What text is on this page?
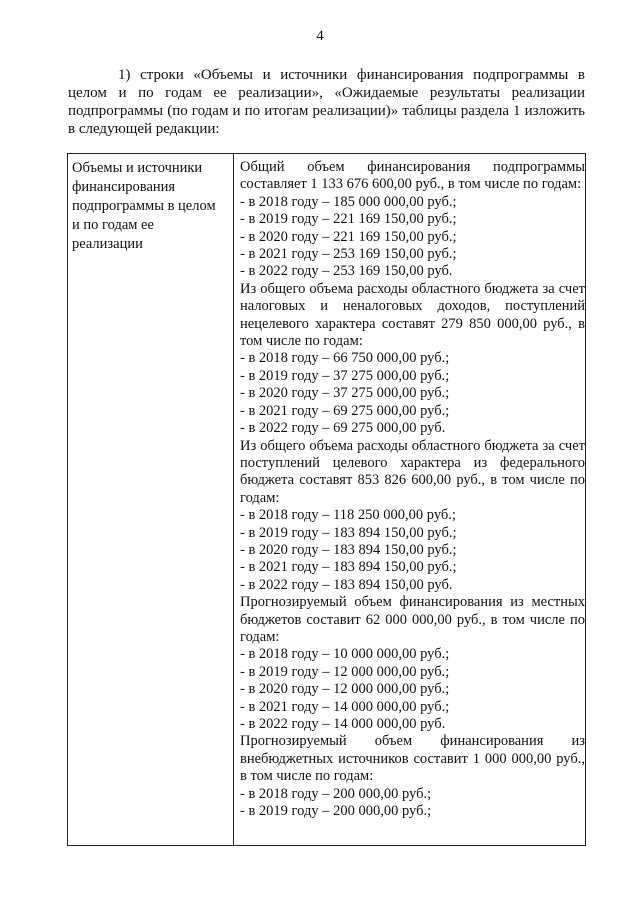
4
1) строки «Объемы и источники финансирования подпрограммы в целом и по годам ее реализации», «Ожидаемые результаты реализации подпрограммы (по годам и по итогам реализации)» таблицы раздела 1 изложить в следующей редакции:
Объемы и источники финансирования подпрограммы в целом и по годам ее реализации
Общий объем финансирования подпрограммы составляет 1 133 676 600,00 руб., в том числе по годам:
- в 2018 году – 185 000 000,00 руб.;
- в 2019 году – 221 169 150,00 руб.;
- в 2020 году – 221 169 150,00 руб.;
- в 2021 году – 253 169 150,00 руб.;
- в 2022 году – 253 169 150,00 руб.
Из общего объема расходы областного бюджета за счет налоговых и неналоговых доходов, поступлений нецелевого характера составят 279 850 000,00 руб., в том числе по годам:
- в 2018 году – 66 750 000,00 руб.;
- в 2019 году – 37 275 000,00 руб.;
- в 2020 году – 37 275 000,00 руб.;
- в 2021 году – 69 275 000,00 руб.;
- в 2022 году – 69 275 000,00 руб.
Из общего объема расходы областного бюджета за счет поступлений целевого характера из федерального бюджета составят 853 826 600,00 руб., в том числе по годам:
- в 2018 году – 118 250 000,00 руб.;
- в 2019 году – 183 894 150,00 руб.;
- в 2020 году – 183 894 150,00 руб.;
- в 2021 году – 183 894 150,00 руб.;
- в 2022 году – 183 894 150,00 руб.
Прогнозируемый объем финансирования из местных бюджетов составит 62 000 000,00 руб., в том числе по годам:
- в 2018 году – 10 000 000,00 руб.;
- в 2019 году – 12 000 000,00 руб.;
- в 2020 году – 12 000 000,00 руб.;
- в 2021 году – 14 000 000,00 руб.;
- в 2022 году – 14 000 000,00 руб.
Прогнозируемый объем финансирования из внебюджетных источников составит 1 000 000,00 руб., в том числе по годам:
- в 2018 году – 200 000,00 руб.;
- в 2019 году – 200 000,00 руб.;
